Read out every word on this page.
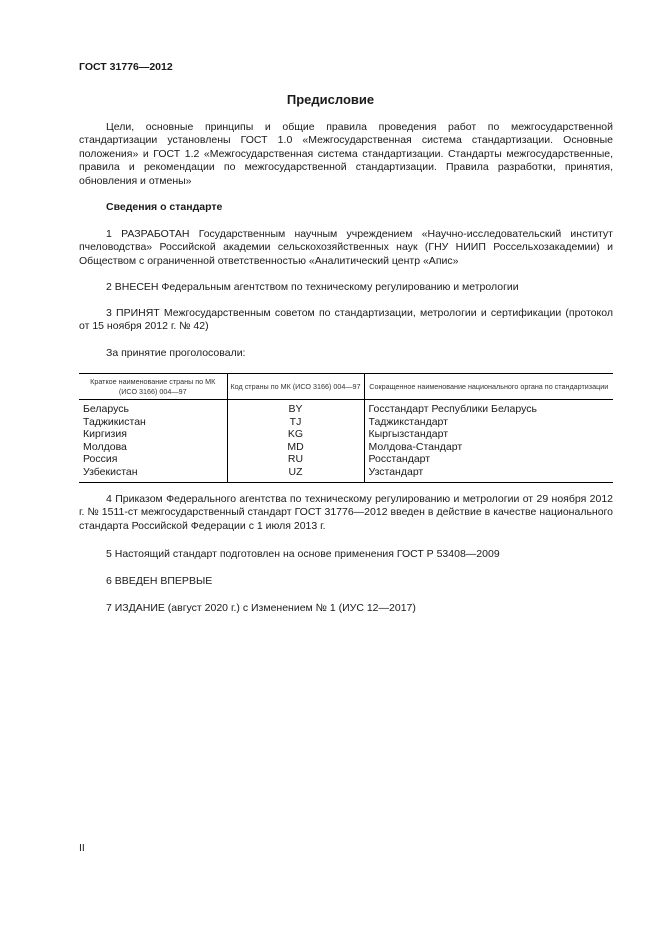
ГОСТ 31776—2012
Предисловие
Цели, основные принципы и общие правила проведения работ по межгосударственной стандартизации установлены ГОСТ 1.0 «Межгосударственная система стандартизации. Основные положения» и ГОСТ 1.2 «Межгосударственная система стандартизации. Стандарты межгосударственные, правила и рекомендации по межгосударственной стандартизации. Правила разработки, принятия, обновления и отмены»
Сведения о стандарте
1 РАЗРАБОТАН Государственным научным учреждением «Научно-исследовательский институт пчеловодства» Российской академии сельскохозяйственных наук (ГНУ НИИП Россельхозакадемии) и Обществом с ограниченной ответственностью «Аналитический центр «Апис»
2 ВНЕСЕН Федеральным агентством по техническому регулированию и метрологии
3 ПРИНЯТ Межгосударственным советом по стандартизации, метрологии и сертификации (протокол от 15 ноября 2012 г. № 42)
За принятие проголосовали:
Краткое наименование страны по МК (ИСО 3166) 004—97	Код страны по МК (ИСО 3166) 004—97	Сокращенное наименование национального органа по стандартизации
Беларусь	BY	Госстандарт Республики Беларусь
Таджикистан	TJ	Таджикстандарт
Киргизия	KG	Кыргызстандарт
Молдова	MD	Молдова-Стандарт
Россия	RU	Росстандарт
Узбекистан	UZ	Узстандарт
4 Приказом Федерального агентства по техническому регулированию и метрологии от 29 ноября 2012 г. № 1511-ст межгосударственный стандарт ГОСТ 31776—2012 введен в действие в качестве национального стандарта Российской Федерации с 1 июля 2013 г.
5 Настоящий стандарт подготовлен на основе применения ГОСТ Р 53408—2009
6 ВВЕДЕН ВПЕРВЫЕ
7 ИЗДАНИЕ (август 2020 г.) с Изменением № 1 (ИУС 12—2017)
II
